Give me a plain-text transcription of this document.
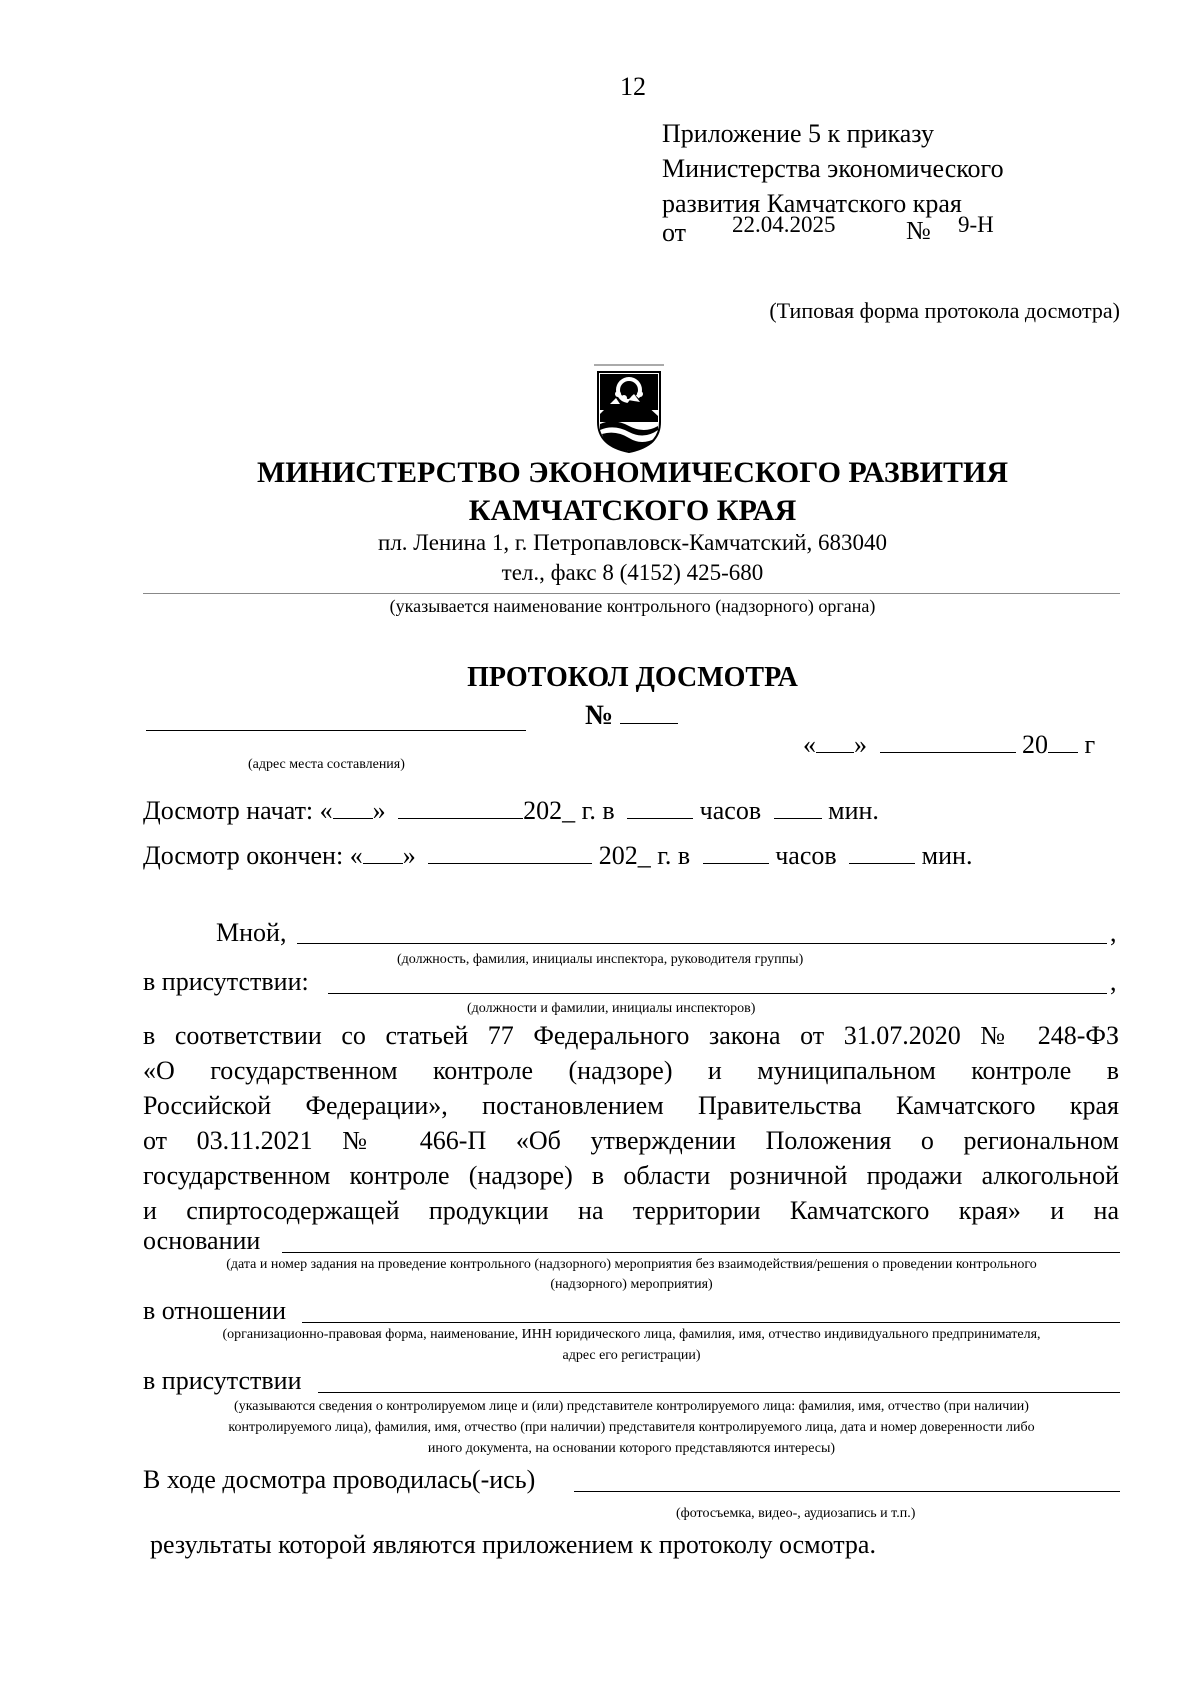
12
Приложение 5 к приказу
Министерства экономического
развития Камчатского края
от 22.04.2025	№ 9-Н
(Типовая форма протокола досмотра)
МИНИСТЕРСТВО ЭКОНОМИЧЕСКОГО РАЗВИТИЯ
КАМЧАТСКОГО КРАЯ
пл. Ленина 1, г. Петропавловск-Камчатский, 683040
тел., факс 8 (4152) 425-680
(указывается наименование контрольного (надзорного) органа)
ПРОТОКОЛ ДОСМОТРА
№
(адрес места составления)
« »	20 г
Досмотр начат: « »	202_ г. в	часов	мин.
Досмотр окончен: « »	202_ г. в	часов	мин.
Мной,	,
(должность, фамилия, инициалы инспектора, руководителя группы)
в присутствии:	,
(должности и фамилии, инициалы инспекторов)
в соответствии со статьей 77 Федерального закона от 31.07.2020 № 248-ФЗ
«О государственном контроле (надзоре) и муниципальном контроле в
Российской Федерации», постановлением Правительства Камчатского края
от 03.11.2021 № 466-П «Об утверждении Положения о региональном
государственном контроле (надзоре) в области розничной продажи алкогольной
и спиртосодержащей продукции на территории Камчатского края» и на
основании
(дата и номер задания на проведение контрольного (надзорного) мероприятия без взаимодействия/решения о проведении контрольного
(надзорного) мероприятия)
в отношении
(организационно-правовая форма, наименование, ИНН юридического лица, фамилия, имя, отчество индивидуального предпринимателя,
адрес его регистрации)
в присутствии
(указываются сведения о контролируемом лице и (или) представителе контролируемого лица: фамилия, имя, отчество (при наличии)
контролируемого лица), фамилия, имя, отчество (при наличии) представителя контролируемого лица, дата и номер доверенности либо
иного документа, на основании которого представляются интересы)
В ходе досмотра проводилась(-ись)
(фотосъемка, видео-, аудиозапись и т.п.)
результаты которой являются приложением к протоколу осмотра.
